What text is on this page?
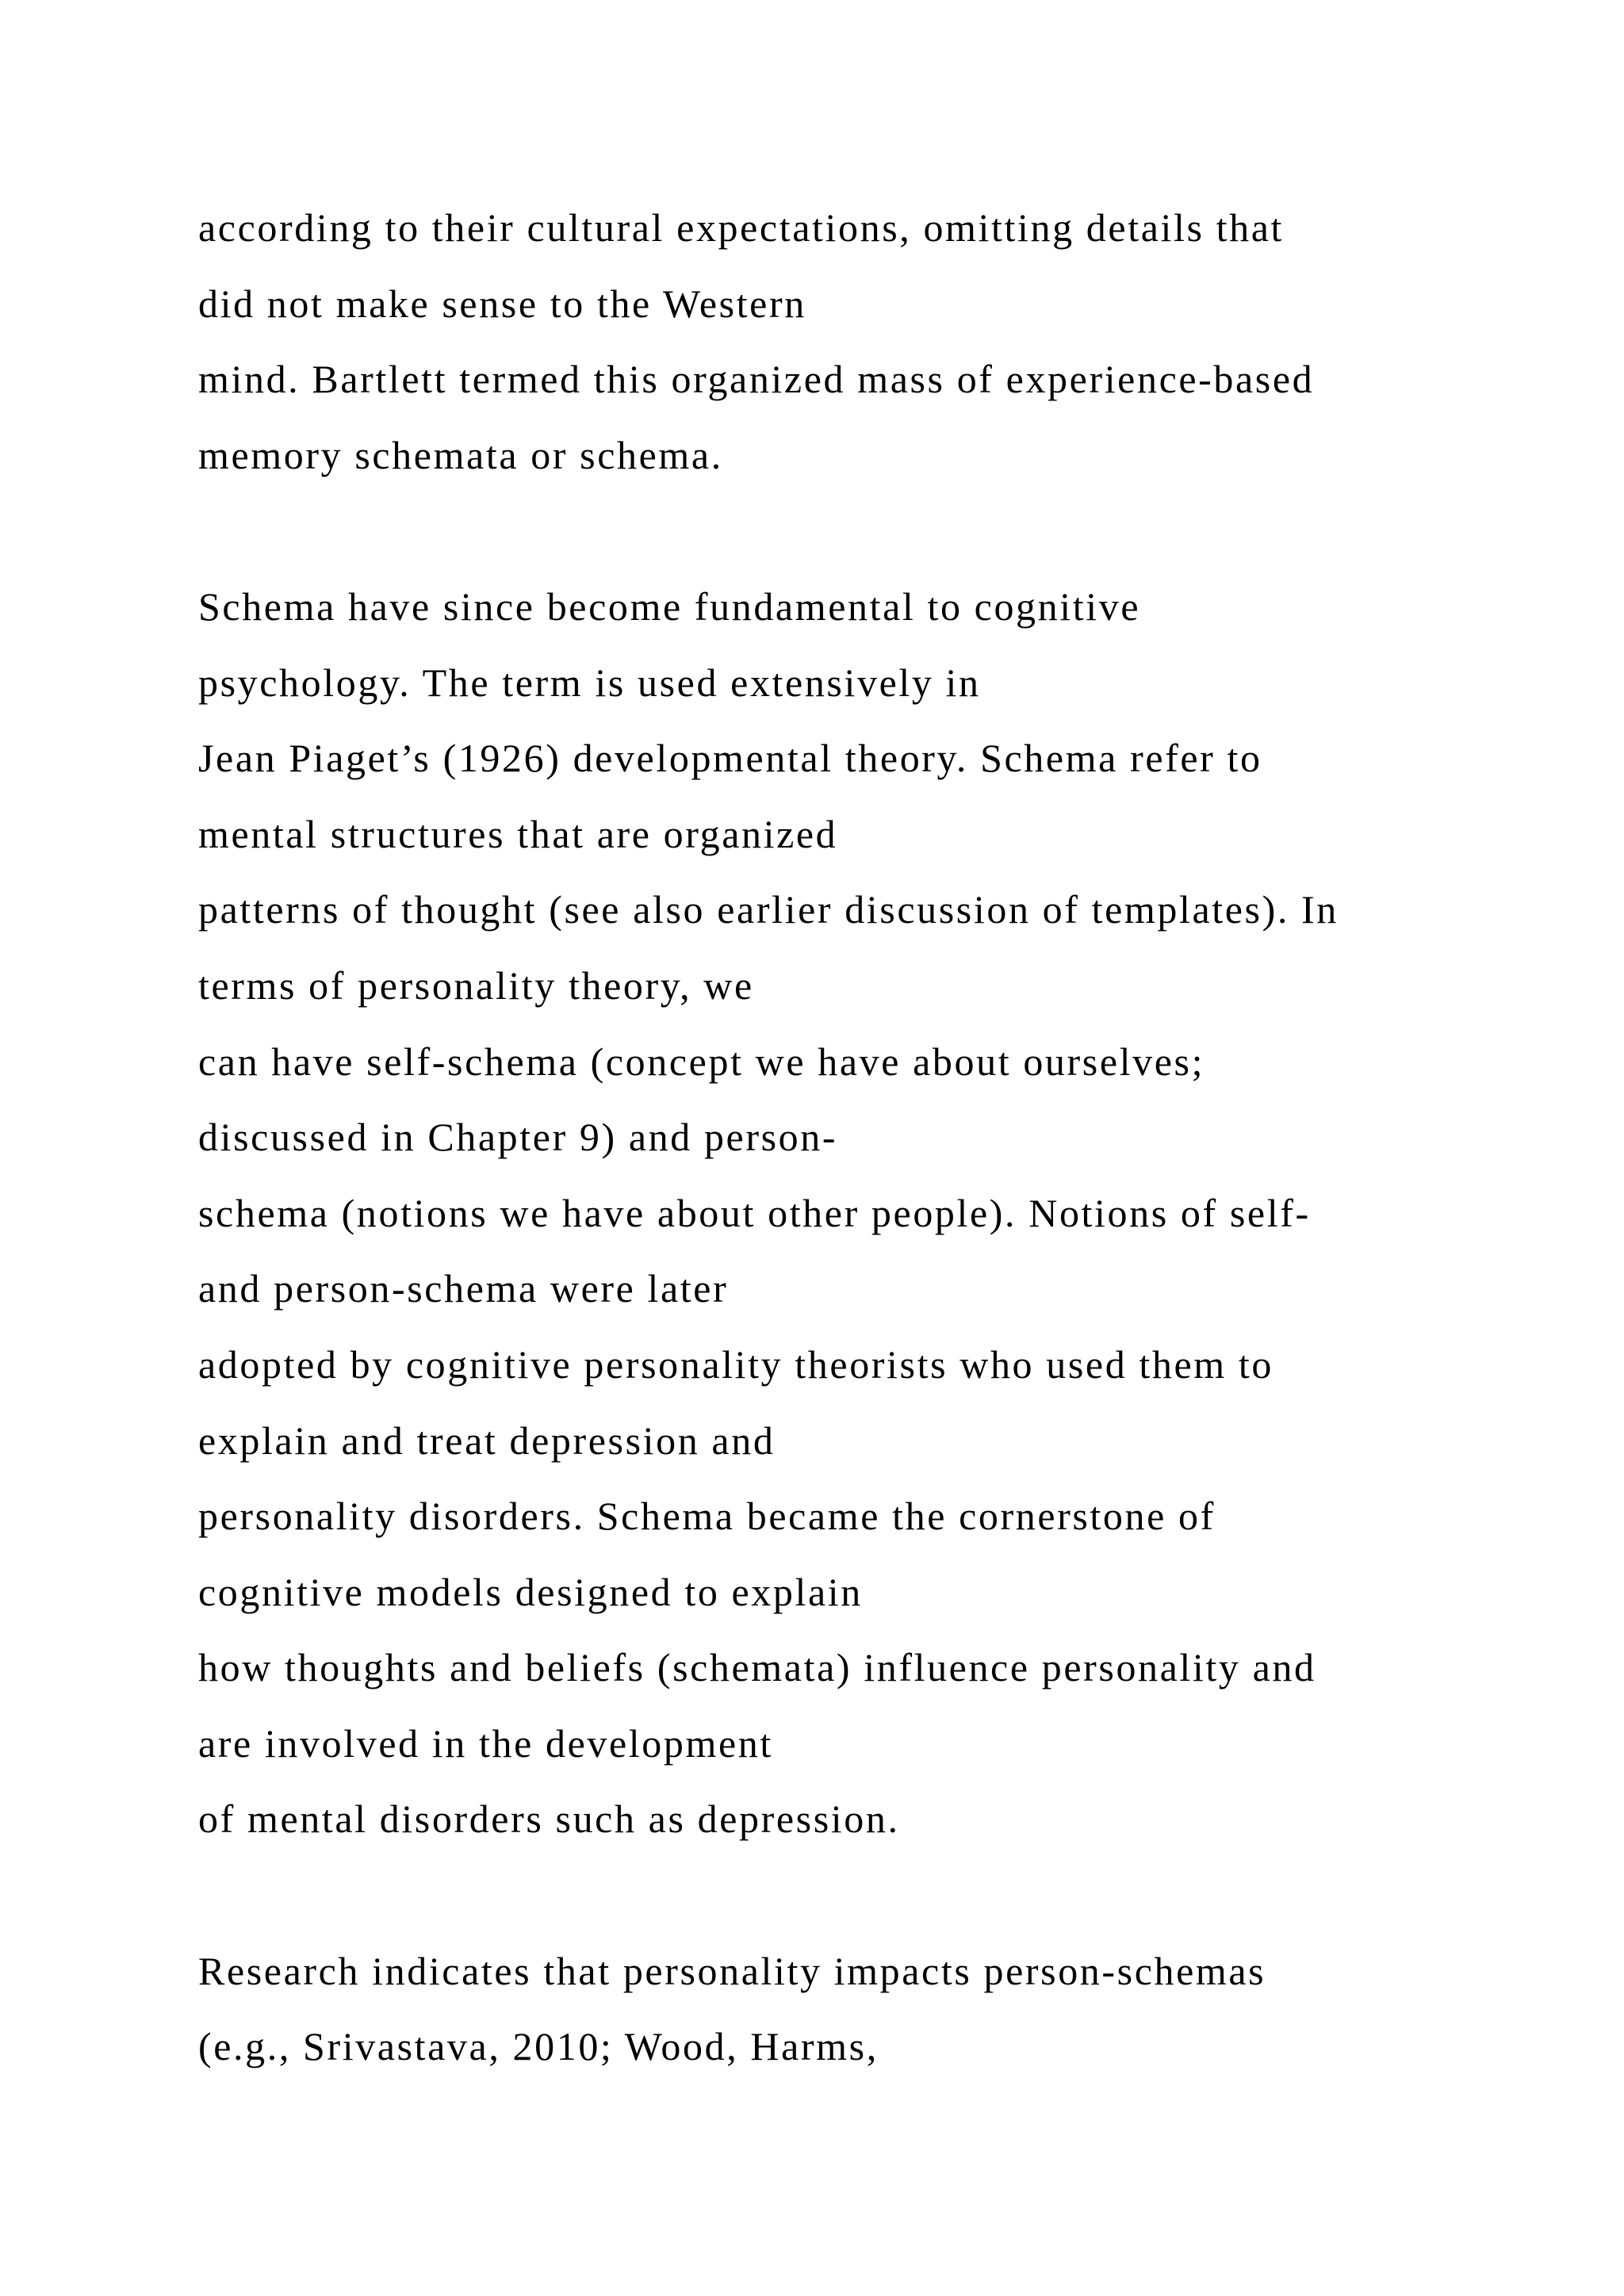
according to their cultural expectations, omitting details that
did not make sense to the Western
mind. Bartlett termed this organized mass of experience-based
memory schemata or schema.
Schema have since become fundamental to cognitive
psychology. The term is used extensively in
Jean Piaget’s (1926) developmental theory. Schema refer to
mental structures that are organized
patterns of thought (see also earlier discussion of templates). In
terms of personality theory, we
can have self-schema (concept we have about ourselves;
discussed in Chapter 9) and person-
schema (notions we have about other people). Notions of self-
and person-schema were later
adopted by cognitive personality theorists who used them to
explain and treat depression and
personality disorders. Schema became the cornerstone of
cognitive models designed to explain
how thoughts and beliefs (schemata) influence personality and
are involved in the development
of mental disorders such as depression.
Research indicates that personality impacts person-schemas
(e.g., Srivastava, 2010; Wood, Harms,
